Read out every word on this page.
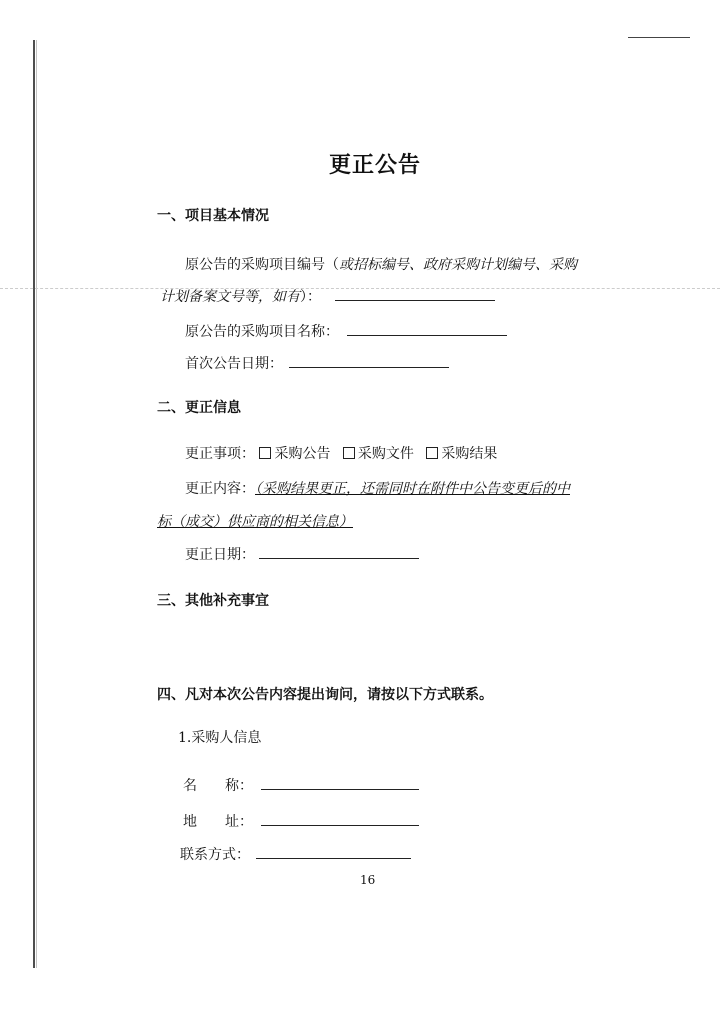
更正公告
一、项目基本情况
原公告的采购项目编号（或招标编号、政府采购计划编号、采购
计划备案文号等，如有）：
原公告的采购项目名称：
首次公告日期：
二、更正信息
更正事项： 采购公告 采购文件 采购结果
更正内容：（采购结果更正，还需同时在附件中公告变更后的中
标（成交）供应商的相关信息）
更正日期：
三、其他补充事宜
四、凡对本次公告内容提出询问，请按以下方式联系。
1.采购人信息
名　　称：
地　　址：
联系方式：
16
